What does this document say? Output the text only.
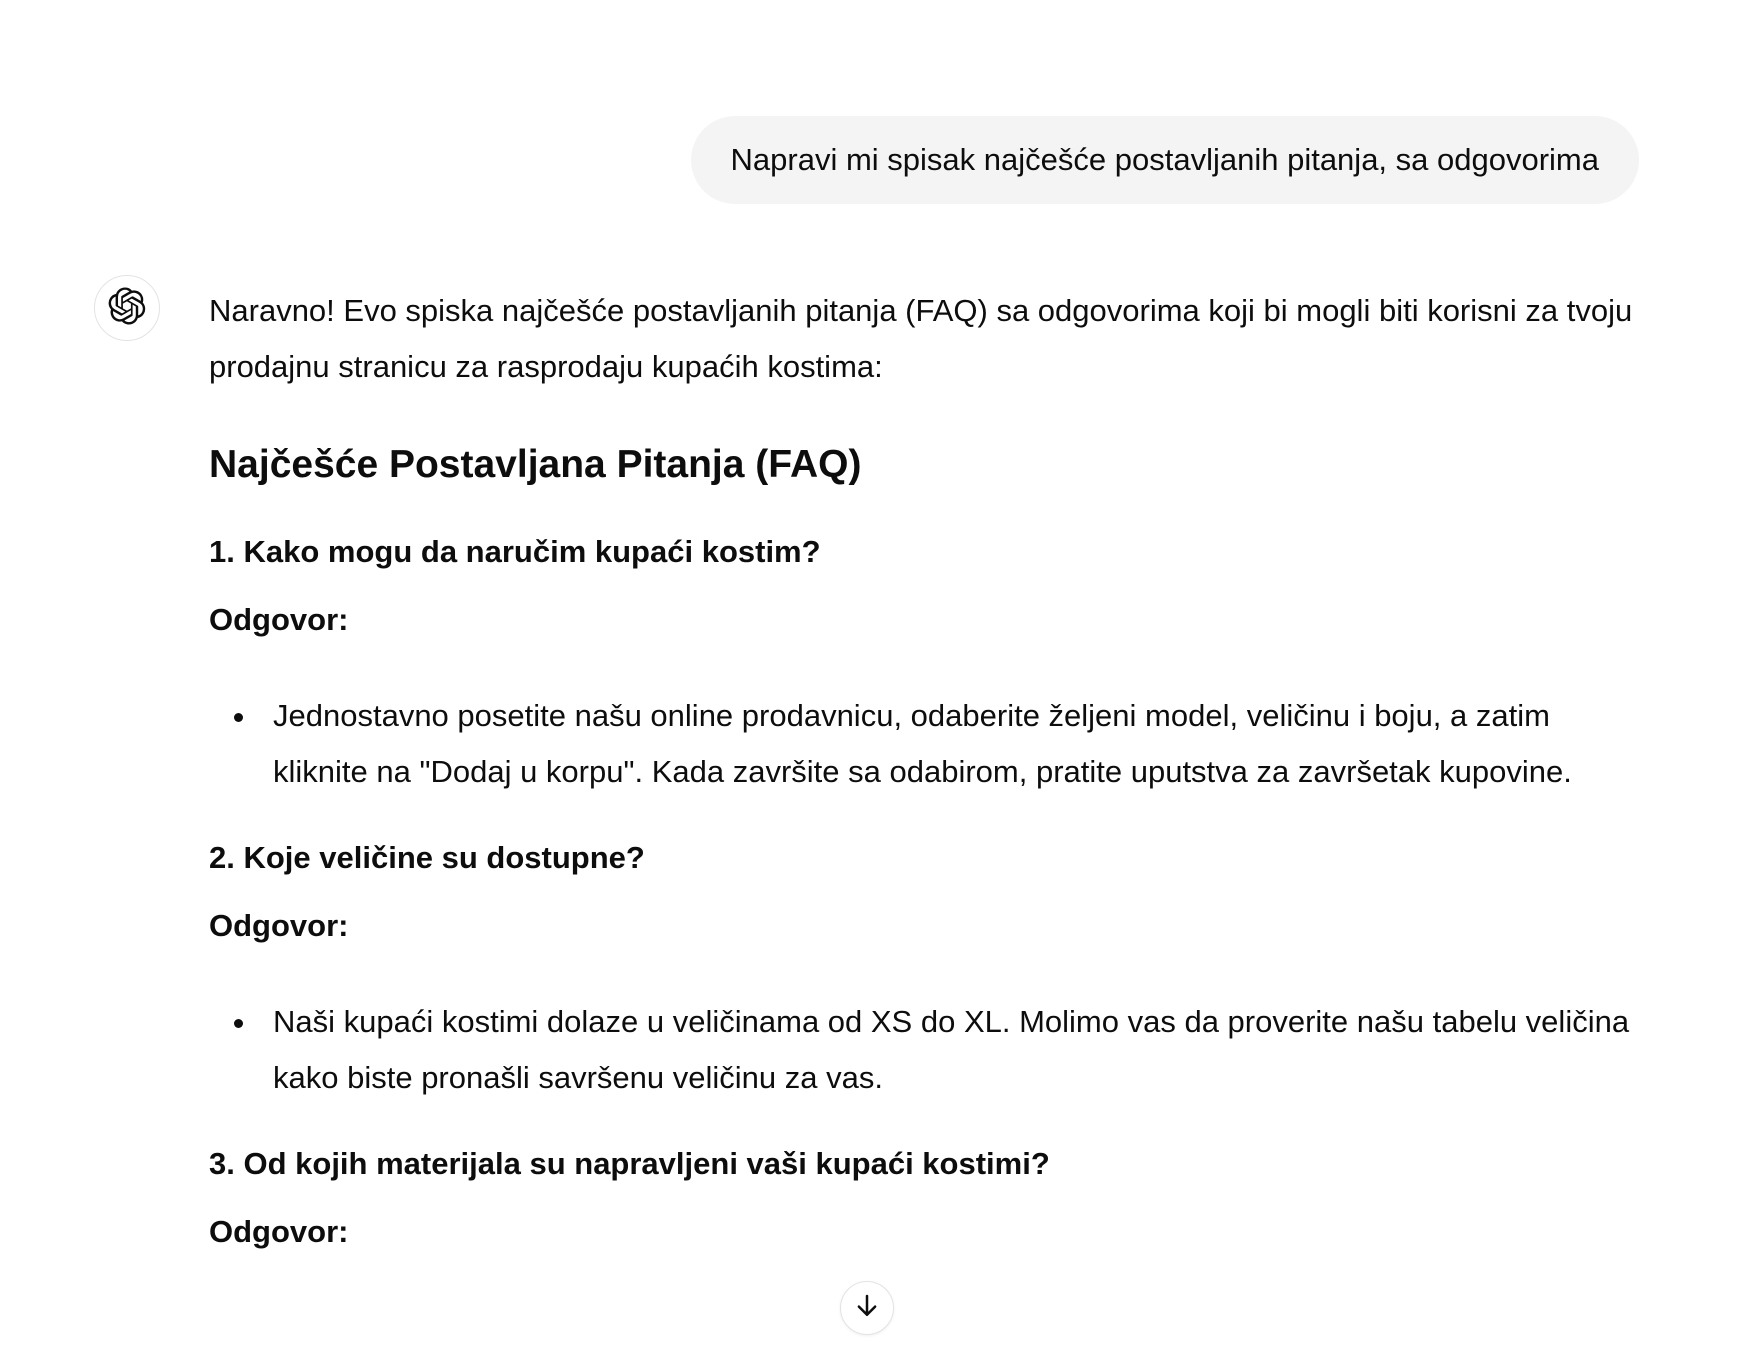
Napravi mi spisak najčešće postavljanih pitanja, sa odgovorima

Naravno! Evo spiska najčešće postavljanih pitanja (FAQ) sa odgovorima koji bi mogli biti korisni za tvoju prodajnu stranicu za rasprodaju kupaćih kostima:

Najčešće Postavljana Pitanja (FAQ)

1. Kako mogu da naručim kupaći kostim?

Odgovor:

Jednostavno posetite našu online prodavnicu, odaberite željeni model, veličinu i boju, a zatim kliknite na "Dodaj u korpu". Kada završite sa odabirom, pratite uputstva za završetak kupovine.

2. Koje veličine su dostupne?

Odgovor:

Naši kupaći kostimi dolaze u veličinama od XS do XL. Molimo vas da proverite našu tabelu veličina kako biste pronašli savršenu veličinu za vas.

3. Od kojih materijala su napravljeni vaši kupaći kostimi?

Odgovor:
